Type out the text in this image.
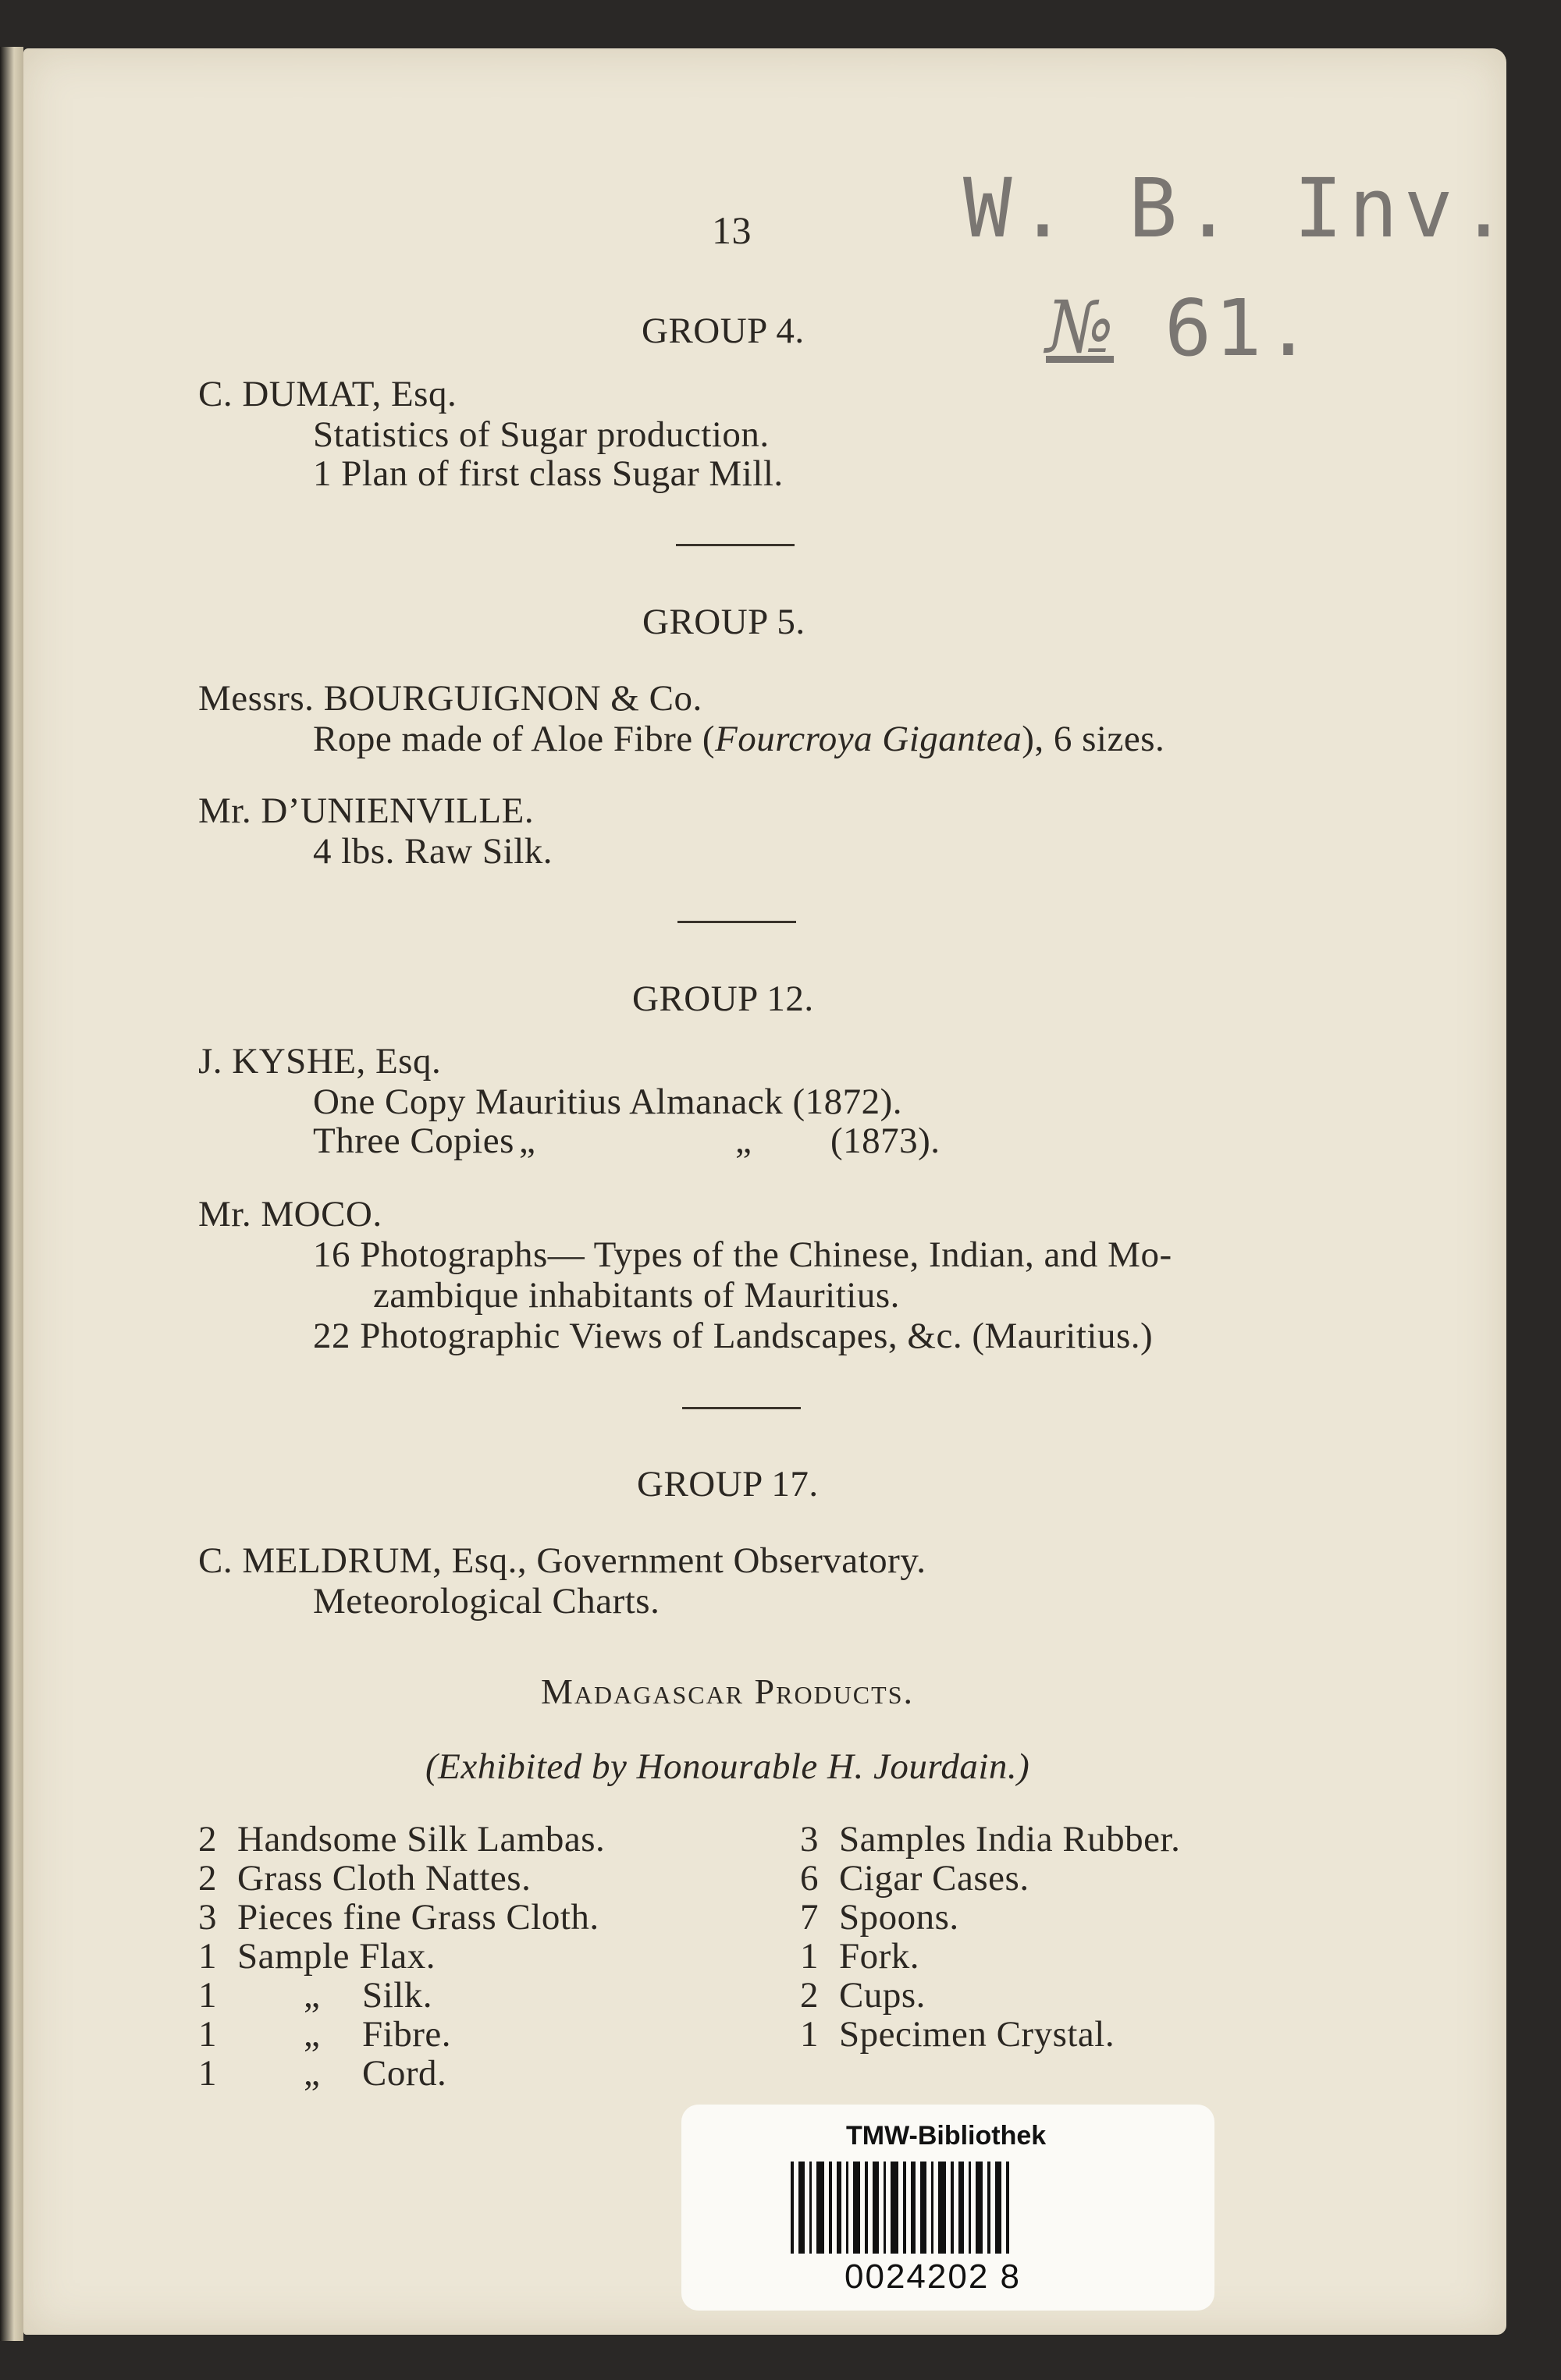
13	W. B. Inv.
№ 61.
GROUP 4.
C. DUMAT, Esq.
Statistics of Sugar production.
1 Plan of first class Sugar Mill.
GROUP 5.
Messrs. BOURGUIGNON & Co.
Rope made of Aloe Fibre (Fourcroya Gigantea), 6 sizes.
Mr. D’UNIENVILLE.
4 lbs. Raw Silk.
GROUP 12.
J. KYSHE, Esq.
One Copy Mauritius Almanack (1872).
Three Copies „	„ (1873).
Mr. MOCO.
16 Photographs— Types of the Chinese, Indian, and Mo-
zambique inhabitants of Mauritius.
22 Photographic Views of Landscapes, &c. (Mauritius.)
GROUP 17.
C. MELDRUM, Esq., Government Observatory.
Meteorological Charts.
Madagascar Products.
(Exhibited by Honourable H. Jourdain.)
2 Handsome Silk Lambas.
2 Grass Cloth Nattes.
3 Pieces fine Grass Cloth.
1 Sample Flax.
1 „ Silk.
1 „ Fibre.
1 „ Cord.
3 Samples India Rubber.
6 Cigar Cases.
7 Spoons.
1 Fork.
2 Cups.
1 Specimen Crystal.
TMW-Bibliothek
0024202 8
